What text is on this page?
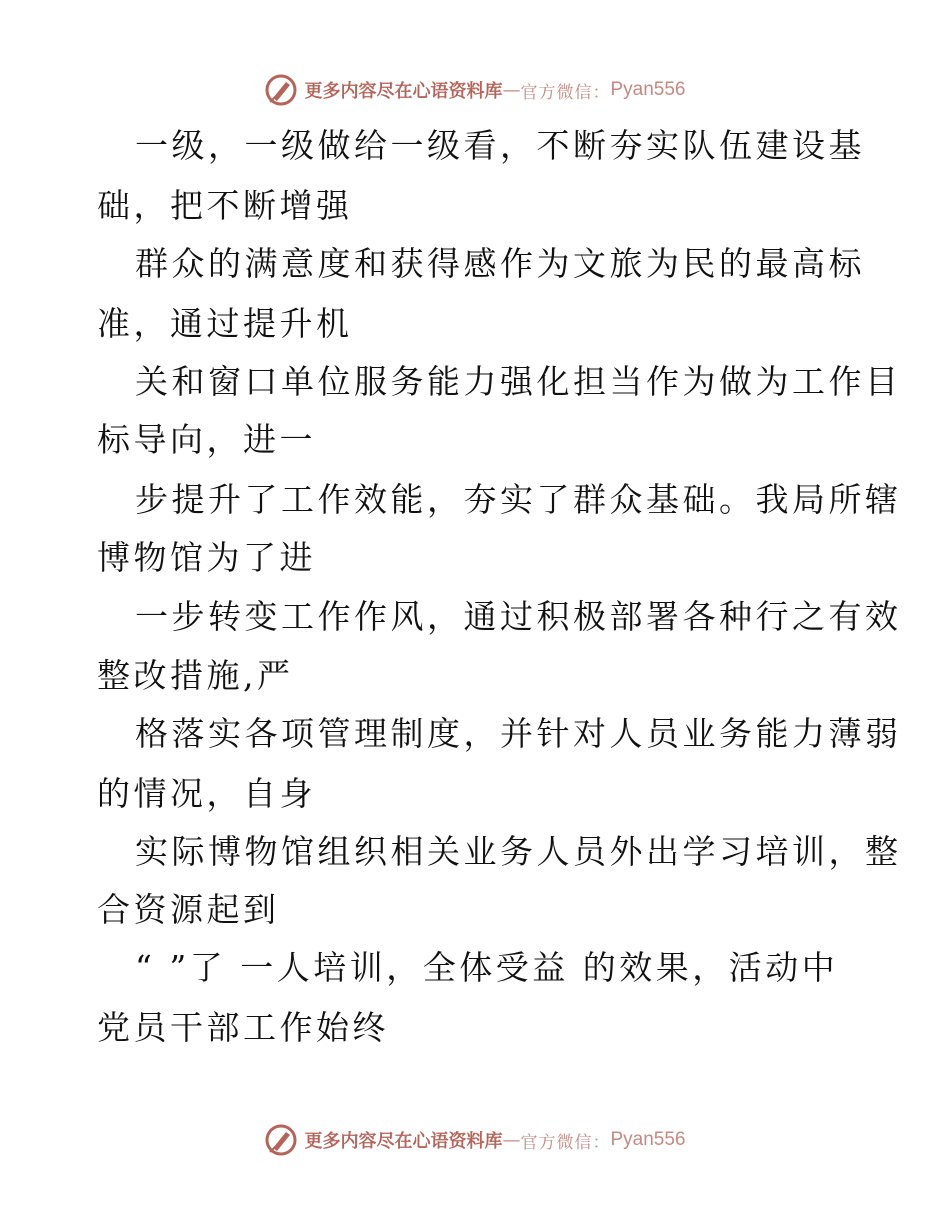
更多内容尽在心语资料库 — 官方微信： Pyan556
一级，一级做给一级看，不断夯实队伍建设基
础，把不断增强
群众的满意度和获得感作为文旅为民的最高标
准，通过提升机
关和窗口单位服务能力强化担当作为做为工作目
标导向，进一
步提升了工作效能，夯实了群众基础。我局所辖
博物馆为了进
一步转变工作作风，通过积极部署各种行之有效
整改措施,严
格落实各项管理制度，并针对人员业务能力薄弱
的情况，自身
实际博物馆组织相关业务人员外出学习培训，整
合资源起到
“ ”了 一人培训，全体受益 的效果，活动中
党员干部工作始终
更多内容尽在心语资料库 — 官方微信： Pyan556
